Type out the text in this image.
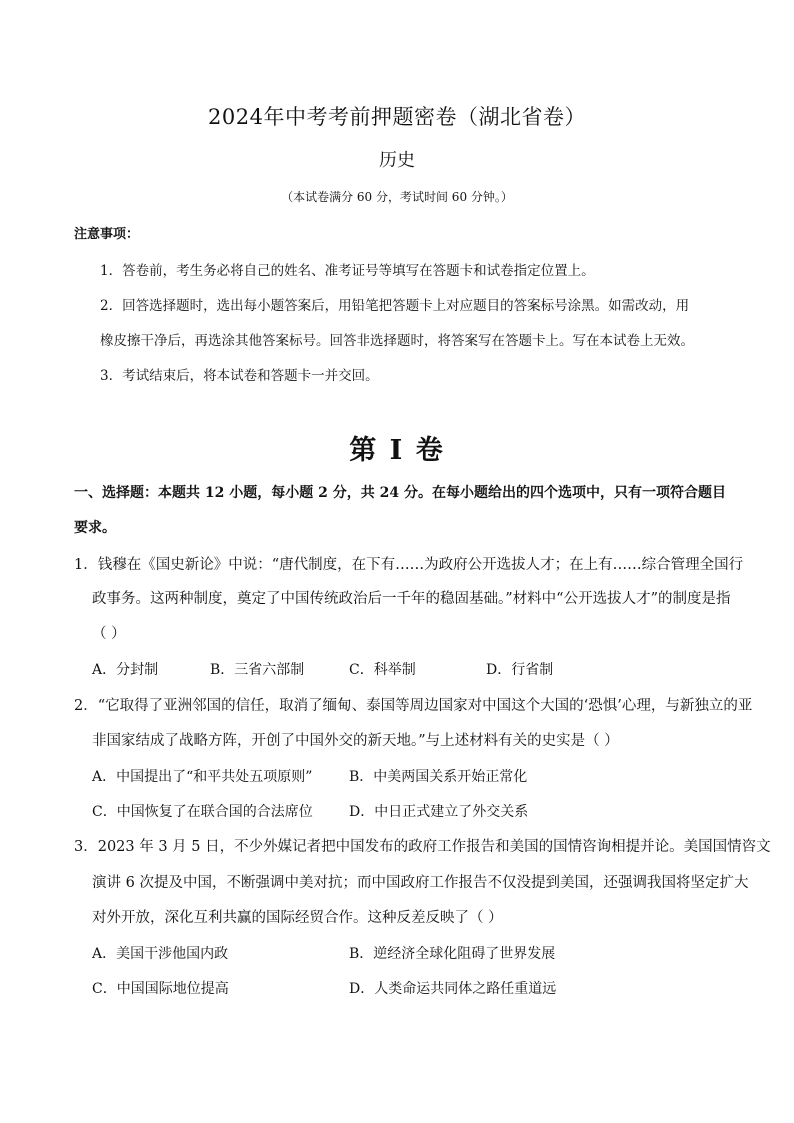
2024年中考考前押题密卷（湖北省卷）
历史
（本试卷满分 60 分，考试时间 60 分钟。）
注意事项：
1．答卷前，考生务必将自己的姓名、准考证号等填写在答题卡和试卷指定位置上。
2．回答选择题时，选出每小题答案后，用铅笔把答题卡上对应题目的答案标号涂黑。如需改动，用
橡皮擦干净后，再选涂其他答案标号。回答非选择题时，将答案写在答题卡上。写在本试卷上无效。
3．考试结束后，将本试卷和答题卡一并交回。
第 I 卷
一、选择题：本题共 12 小题，每小题 2 分，共 24 分。在每小题给出的四个选项中，只有一项符合题目
要求。
1．钱穆在《国史新论》中说：“唐代制度，在下有……为政府公开选拔人才；在上有……综合管理全国行
政事务。这两种制度，奠定了中国传统政治后一千年的稳固基础。”材料中“公开选拔人才”的制度是指
（ ）
A．分封制	B．三省六部制	C．科举制	D．行省制
2．“它取得了亚洲邻国的信任，取消了缅甸、泰国等周边国家对中国这个大国的‘恐惧’心理，与新独立的亚
非国家结成了战略方阵，开创了中国外交的新天地。”与上述材料有关的史实是（ ）
A．中国提出了“和平共处五项原则”	B．中美两国关系开始正常化
C．中国恢复了在联合国的合法席位	D．中日正式建立了外交关系
3．2023 年 3 月 5 日，不少外媒记者把中国发布的政府工作报告和美国的国情咨询相提并论。美国国情咨文
演讲 6 次提及中国，不断强调中美对抗；而中国政府工作报告不仅没提到美国，还强调我国将坚定扩大
对外开放，深化互利共赢的国际经贸合作。这种反差反映了（ ）
A．美国干涉他国内政	B．逆经济全球化阻碍了世界发展
C．中国国际地位提高	D．人类命运共同体之路任重道远
